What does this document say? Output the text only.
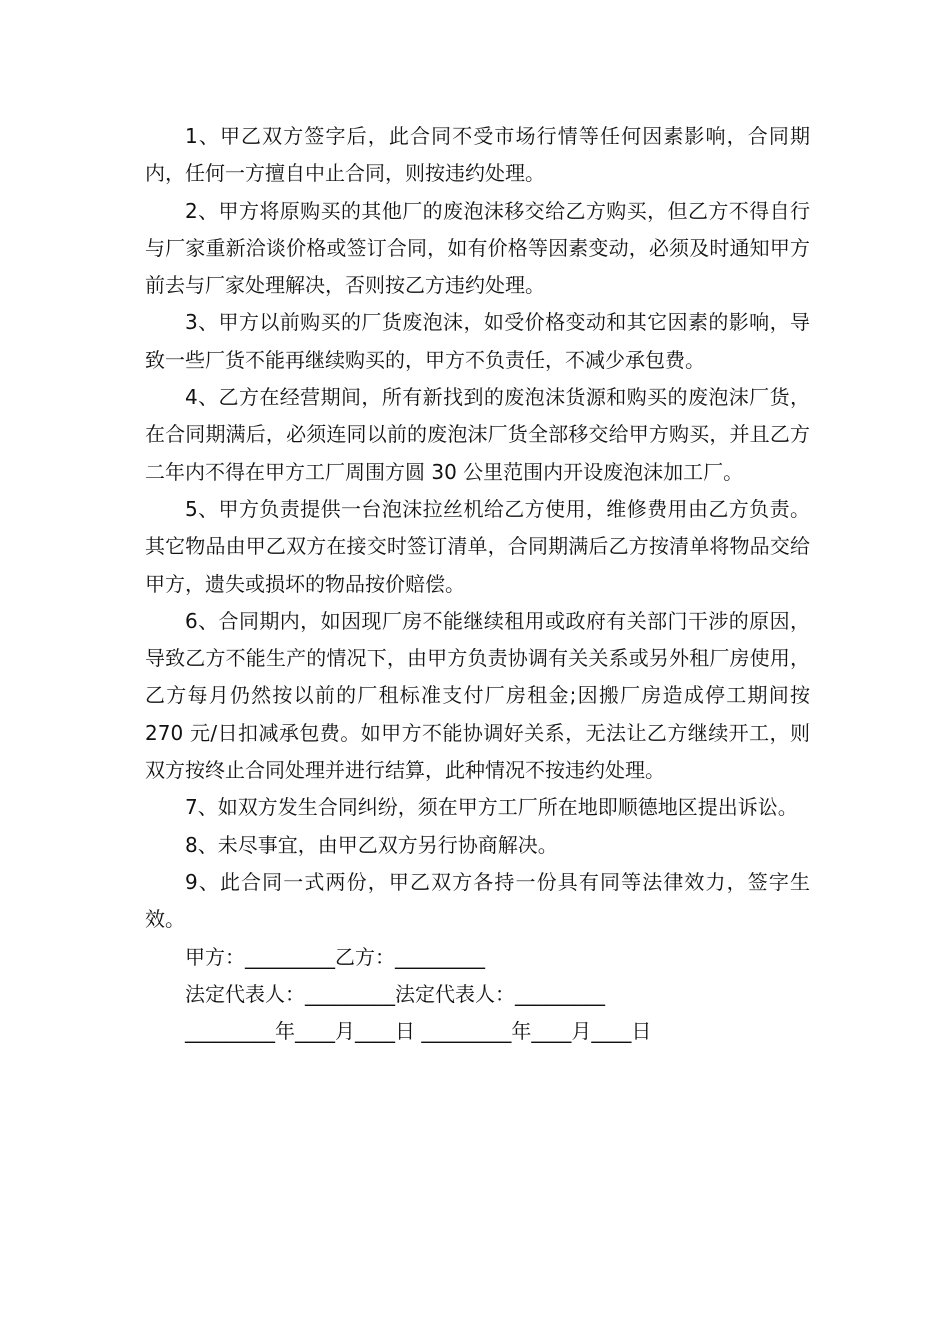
1、甲乙双方签字后，此合同不受市场行情等任何因素影响，合同期内，任何一方擅自中止合同，则按违约处理。

2、甲方将原购买的其他厂的废泡沫移交给乙方购买，但乙方不得自行与厂家重新洽谈价格或签订合同，如有价格等因素变动，必须及时通知甲方前去与厂家处理解决，否则按乙方违约处理。

3、甲方以前购买的厂货废泡沫，如受价格变动和其它因素的影响，导致一些厂货不能再继续购买的，甲方不负责任，不减少承包费。

4、乙方在经营期间，所有新找到的废泡沫货源和购买的废泡沫厂货，在合同期满后，必须连同以前的废泡沫厂货全部移交给甲方购买，并且乙方二年内不得在甲方工厂周围方圆 30 公里范围内开设废泡沫加工厂。

5、甲方负责提供一台泡沫拉丝机给乙方使用，维修费用由乙方负责。其它物品由甲乙双方在接交时签订清单，合同期满后乙方按清单将物品交给甲方，遗失或损坏的物品按价赔偿。

6、合同期内，如因现厂房不能继续租用或政府有关部门干涉的原因，导致乙方不能生产的情况下，由甲方负责协调有关关系或另外租厂房使用，乙方每月仍然按以前的厂租标准支付厂房租金;因搬厂房造成停工期间按 270 元/日扣减承包费。如甲方不能协调好关系，无法让乙方继续开工，则双方按终止合同处理并进行结算，此种情况不按违约处理。

7、如双方发生合同纠纷，须在甲方工厂所在地即顺德地区提出诉讼。

8、未尽事宜，由甲乙双方另行协商解决。

9、此合同一式两份，甲乙双方各持一份具有同等法律效力，签字生效。

甲方：_________乙方：_________
法定代表人：_________法定代表人：_________
_________年____月____日 _________年____月____日
